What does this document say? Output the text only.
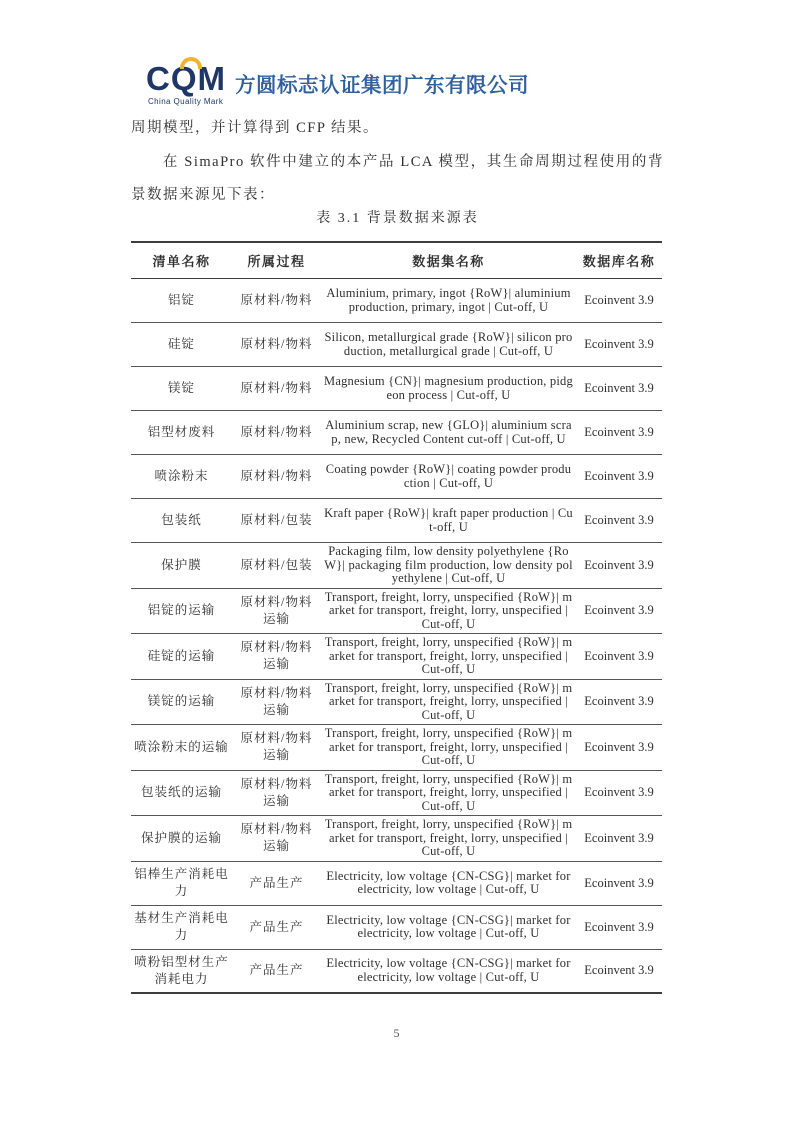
CQM
China Quality Mark
方圆标志认证集团广东有限公司

周期模型，并计算得到 CFP 结果。

在 SimaPro 软件中建立的本产品 LCA 模型，其生命周期过程使用的背景数据来源见下表：

表 3.1 背景数据来源表
清单名称	所属过程	数据集名称	数据库名称
铝锭	原材料/物料	Aluminium, primary, ingot {RoW}| aluminium production, primary, ingot | Cut-off, U	Ecoinvent 3.9
硅锭	原材料/物料	Silicon, metallurgical grade {RoW}| silicon production, metallurgical grade | Cut-off, U	Ecoinvent 3.9
镁锭	原材料/物料	Magnesium {CN}| magnesium production, pidgeon process | Cut-off, U	Ecoinvent 3.9
铝型材废料	原材料/物料	Aluminium scrap, new {GLO}| aluminium scrap, new, Recycled Content cut-off | Cut-off, U	Ecoinvent 3.9
喷涂粉末	原材料/物料	Coating powder {RoW}| coating powder production | Cut-off, U	Ecoinvent 3.9
包装纸	原材料/包装	Kraft paper {RoW}| kraft paper production | Cut-off, U	Ecoinvent 3.9
保护膜	原材料/包装	Packaging film, low density polyethylene {RoW}| packaging film production, low density polyethylene | Cut-off, U	Ecoinvent 3.9
铝锭的运输	原材料/物料运输	Transport, freight, lorry, unspecified {RoW}| market for transport, freight, lorry, unspecified | Cut-off, U	Ecoinvent 3.9
硅锭的运输	原材料/物料运输	Transport, freight, lorry, unspecified {RoW}| market for transport, freight, lorry, unspecified | Cut-off, U	Ecoinvent 3.9
镁锭的运输	原材料/物料运输	Transport, freight, lorry, unspecified {RoW}| market for transport, freight, lorry, unspecified | Cut-off, U	Ecoinvent 3.9
喷涂粉末的运输	原材料/物料运输	Transport, freight, lorry, unspecified {RoW}| market for transport, freight, lorry, unspecified | Cut-off, U	Ecoinvent 3.9
包装纸的运输	原材料/物料运输	Transport, freight, lorry, unspecified {RoW}| market for transport, freight, lorry, unspecified | Cut-off, U	Ecoinvent 3.9
保护膜的运输	原材料/物料运输	Transport, freight, lorry, unspecified {RoW}| market for transport, freight, lorry, unspecified | Cut-off, U	Ecoinvent 3.9
铝棒生产消耗电力	产品生产	Electricity, low voltage {CN-CSG}| market for electricity, low voltage | Cut-off, U	Ecoinvent 3.9
基材生产消耗电力	产品生产	Electricity, low voltage {CN-CSG}| market for electricity, low voltage | Cut-off, U	Ecoinvent 3.9
喷粉铝型材生产消耗电力	产品生产	Electricity, low voltage {CN-CSG}| market for electricity, low voltage | Cut-off, U	Ecoinvent 3.9
5
